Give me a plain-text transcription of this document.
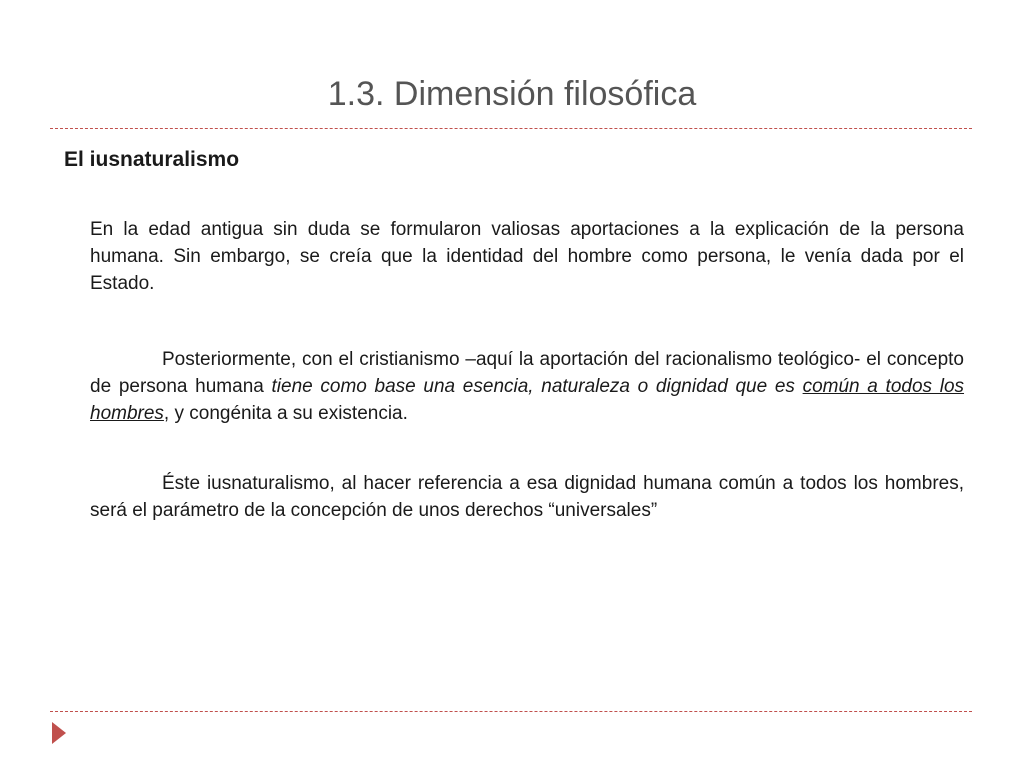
1.3. Dimensión filosófica
El iusnaturalismo

En la edad antigua sin duda se formularon valiosas aportaciones a la explicación de la persona humana. Sin embargo, se creía que la identidad del hombre como persona, le venía dada por el Estado.

Posteriormente, con el cristianismo –aquí la aportación del racionalismo teológico- el concepto de persona humana tiene como base una esencia, naturaleza o dignidad que es común a todos los hombres, y congénita a su existencia.

Éste iusnaturalismo, al hacer referencia a esa dignidad humana común a todos los hombres, será el parámetro de la concepción de unos derechos “universales”
